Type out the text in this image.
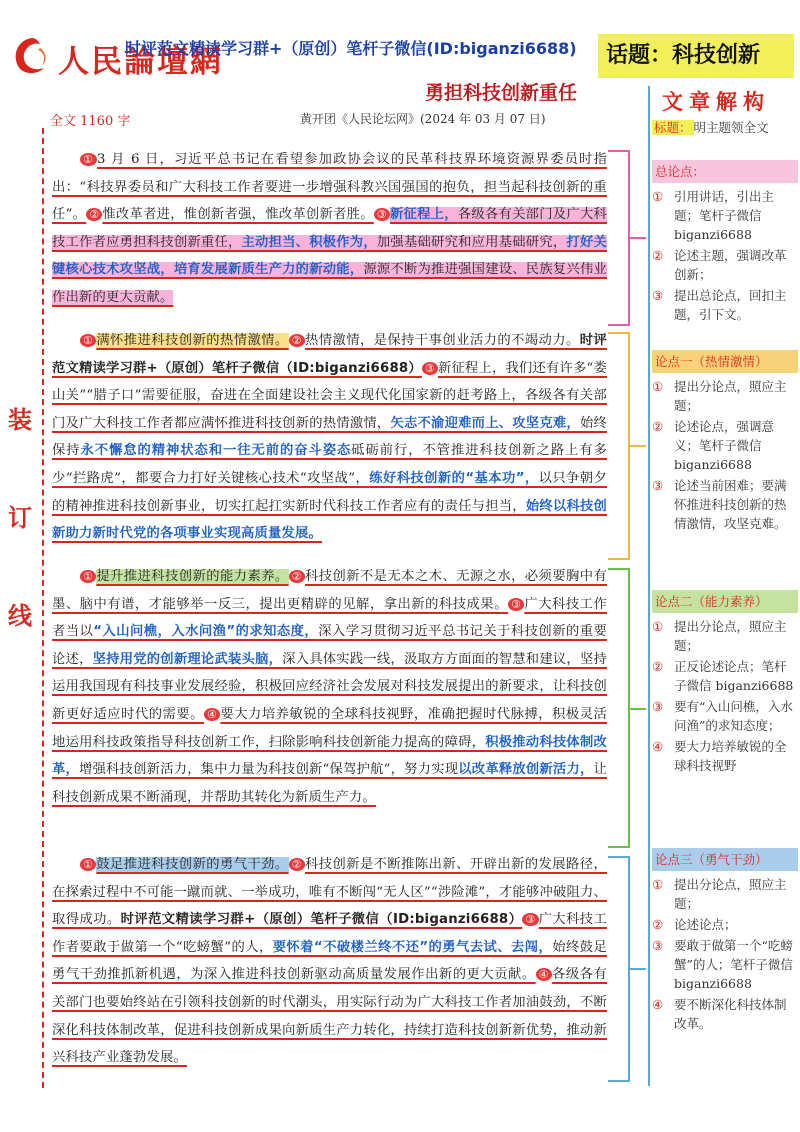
人民論壇網
时评范文精读学习群+（原创）笔杆子微信(ID:biganzi6688)	话题：科技创新
勇担科技创新重任
全文 1160 字	黄开团《人民论坛网》(2024 年 03 月 07 日)
装
订
线
① 3 月 6 日，习近平总书记在看望参加政协会议的民革科技界环境资源界委员时指出：“科技界委员和广大科技工作者要进一步增强科教兴国强国的抱负，担当起科技创新的重任”。 ② 惟改革者进，惟创新者强，惟改革创新者胜。 ③ 新征程上，各级各有关部门及广大科技工作者应勇担科技创新重任，主动担当、积极作为，加强基础研究和应用基础研究，打好关键核心技术攻坚战，培育发展新质生产力的新动能，源源不断为推进强国建设、民族复兴伟业作出新的更大贡献。
① 满怀推进科技创新的热情激情。 ② 热情激情，是保持干事创业活力的不竭动力。时评范文精读学习群+（原创）笔杆子微信（ID:biganzi6688） ③ 新征程上，我们还有许多“娄山关”“腊子口”需要征服，奋进在全面建设社会主义现代化国家新的赶考路上，各级各有关部门及广大科技工作者都应满怀推进科技创新的热情激情，矢志不渝迎难而上、攻坚克难，始终保持永不懈怠的精神状态和一往无前的奋斗姿态砥砺前行，不管推进科技创新之路上有多少“拦路虎”，都要合力打好关键核心技术“攻坚战”，练好科技创新的“基本功”，以只争朝夕的精神推进科技创新事业，切实扛起扛实新时代科技工作者应有的责任与担当，始终以科技创新助力新时代党的各项事业实现高质量发展。
① 提升推进科技创新的能力素养。 ② 科技创新不是无本之木、无源之水，必须要胸中有墨、脑中有谱，才能够举一反三，提出更精辟的见解，拿出新的科技成果。 ③ 广大科技工作者当以“入山问樵，入水问渔”的求知态度，深入学习贯彻习近平总书记关于科技创新的重要论述，坚持用党的创新理论武装头脑，深入具体实践一线，汲取方方面面的智慧和建议，坚持运用我国现有科技事业发展经验，积极回应经济社会发展对科技发展提出的新要求，让科技创新更好适应时代的需要。 ④ 要大力培养敏锐的全球科技视野，准确把握时代脉搏，积极灵活地运用科技政策指导科技创新工作，扫除影响科技创新能力提高的障碍，积极推动科技体制改革，增强科技创新活力，集中力量为科技创新“保驾护航”，努力实现以改革释放创新活力，让科技创新成果不断涌现，并帮助其转化为新质生产力。
① 鼓足推进科技创新的勇气干劲。 ② 科技创新是不断推陈出新、开辟出新的发展路径，在探索过程中不可能一蹴而就、一举成功，唯有不断闯“无人区”“涉险滩”，才能够冲破阻力、取得成功。时评范文精读学习群+（原创）笔杆子微信（ID:biganzi6688） ③ 广大科技工作者要敢于做第一个“吃螃蟹”的人，要怀着“不破楼兰终不还”的勇气去试、去闯，始终鼓足勇气干劲推抓新机遇，为深入推进科技创新驱动高质量发展作出新的更大贡献。 ④ 各级各有关部门也要始终站在引领科技创新的时代潮头，用实际行动为广大科技工作者加油鼓劲，不断深化科技体制改革，促进科技创新成果向新质生产力转化，持续打造科技创新新优势，推动新兴科技产业蓬勃发展。
文章解构
标题： 明主题领全文
总论点：
① 引用讲话，引出主题；笔杆子微信 biganzi6688
② 论述主题，强调改革创新；
③ 提出总论点，回扣主题，引下文。
论点一（热情激情）
① 提出分论点，照应主题；
② 论述论点，强调意义；笔杆子微信 biganzi6688
③ 论述当前困难；要满怀推进科技创新的热情激情，攻坚克难。
论点二（能力素养）
① 提出分论点，照应主题；
② 正反论述论点；笔杆子微信 biganzi6688
③ 要有“入山问樵，入水问渔”的求知态度；
④ 要大力培养敏锐的全球科技视野
论点三（勇气干劲）
① 提出分论点，照应主题；
② 论述论点；
③ 要敢于做第一个“吃螃蟹”的人；笔杆子微信 biganzi6688
④ 要不断深化科技体制改革。
